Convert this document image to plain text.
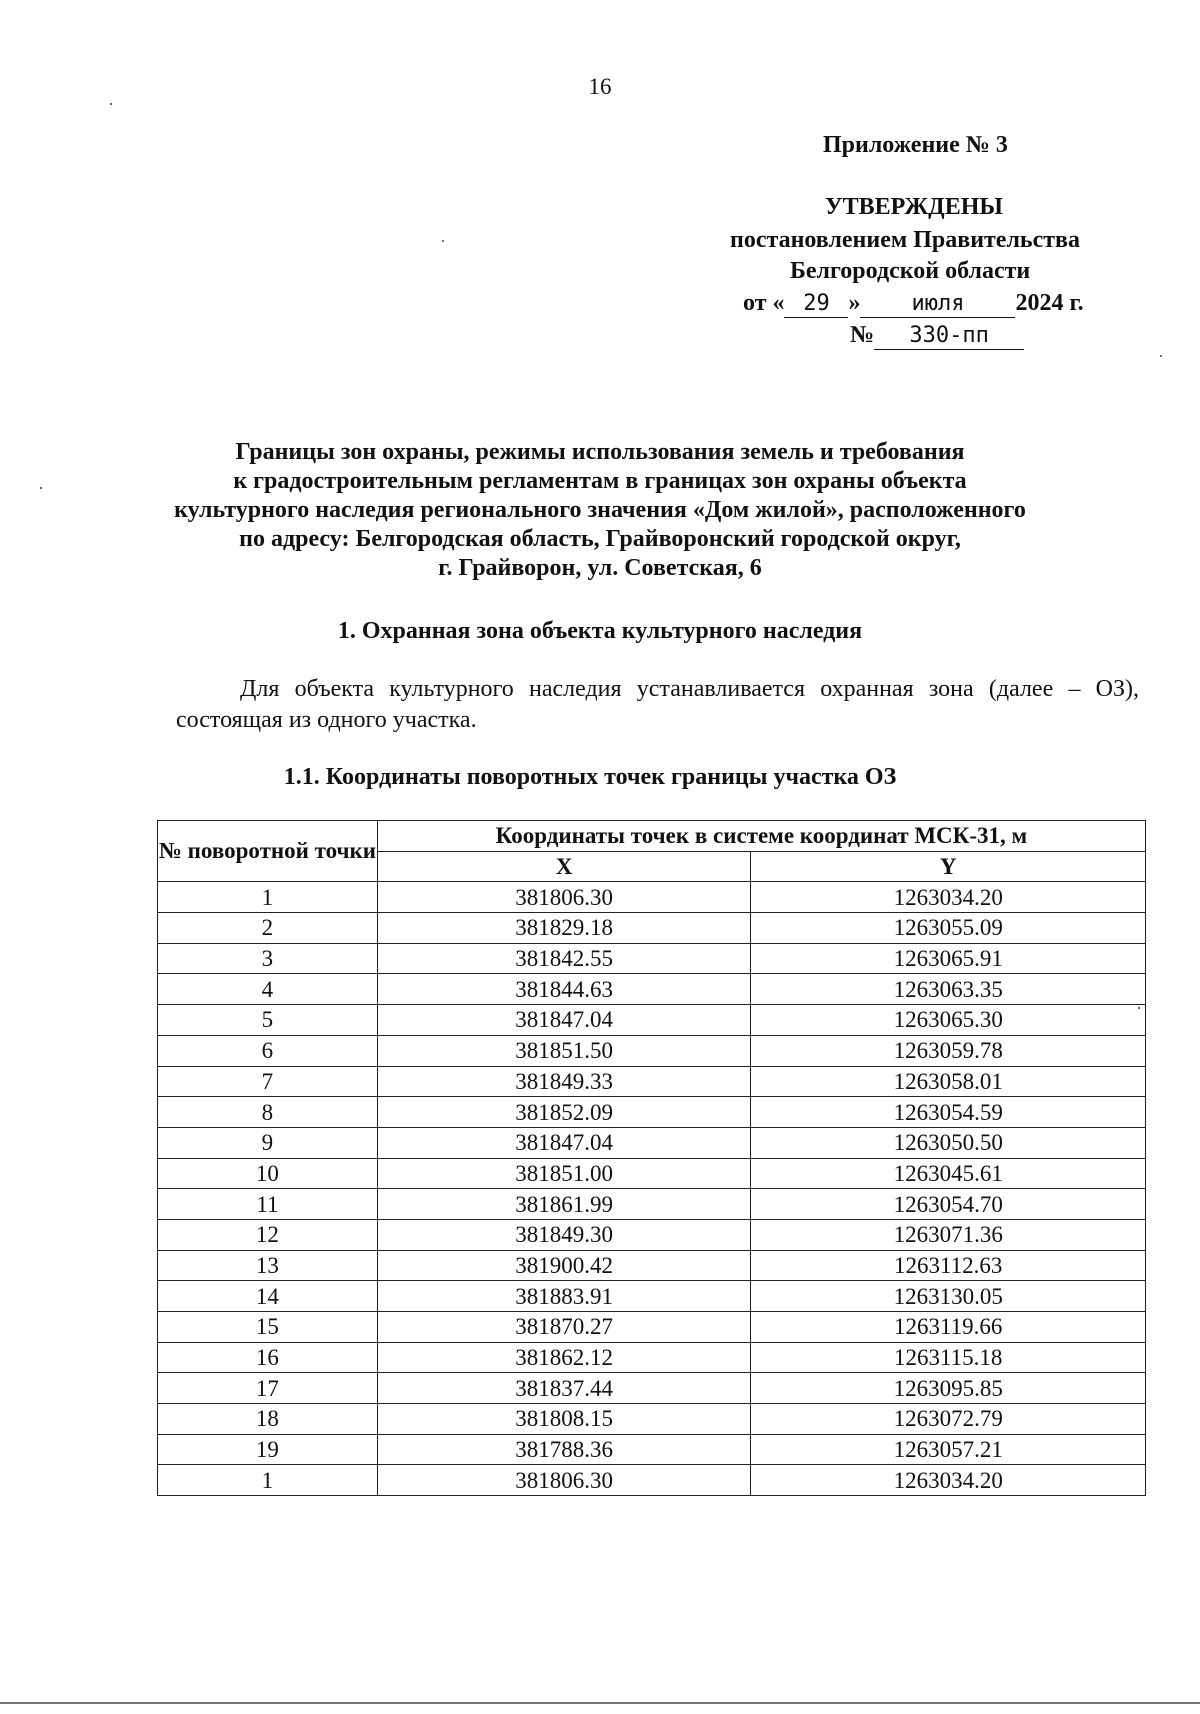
16
Приложение № 3
УТВЕРЖДЕНЫ
постановлением Правительства
Белгородской области
от « 29 » июля 2024 г.
№ 330-пп
Границы зон охраны, режимы использования земель и требования
к градостроительным регламентам в границах зон охраны объекта
культурного наследия регионального значения «Дом жилой», расположенного
по адресу: Белгородская область, Грайворонский городской округ,
г. Грайворон, ул. Советская, 6
1. Охранная зона объекта культурного наследия
Для объекта культурного наследия устанавливается охранная зона (далее – ОЗ), состоящая из одного участка.
1.1. Координаты поворотных точек границы участка ОЗ
№ поворотной точки	Координаты точек в системе координат МСК-31, м	
	X	Y
1	381806.30	1263034.20
2	381829.18	1263055.09
3	381842.55	1263065.91
4	381844.63	1263063.35
5	381847.04	1263065.30
6	381851.50	1263059.78
7	381849.33	1263058.01
8	381852.09	1263054.59
9	381847.04	1263050.50
10	381851.00	1263045.61
11	381861.99	1263054.70
12	381849.30	1263071.36
13	381900.42	1263112.63
14	381883.91	1263130.05
15	381870.27	1263119.66
16	381862.12	1263115.18
17	381837.44	1263095.85
18	381808.15	1263072.79
19	381788.36	1263057.21
1	381806.30	1263034.20
